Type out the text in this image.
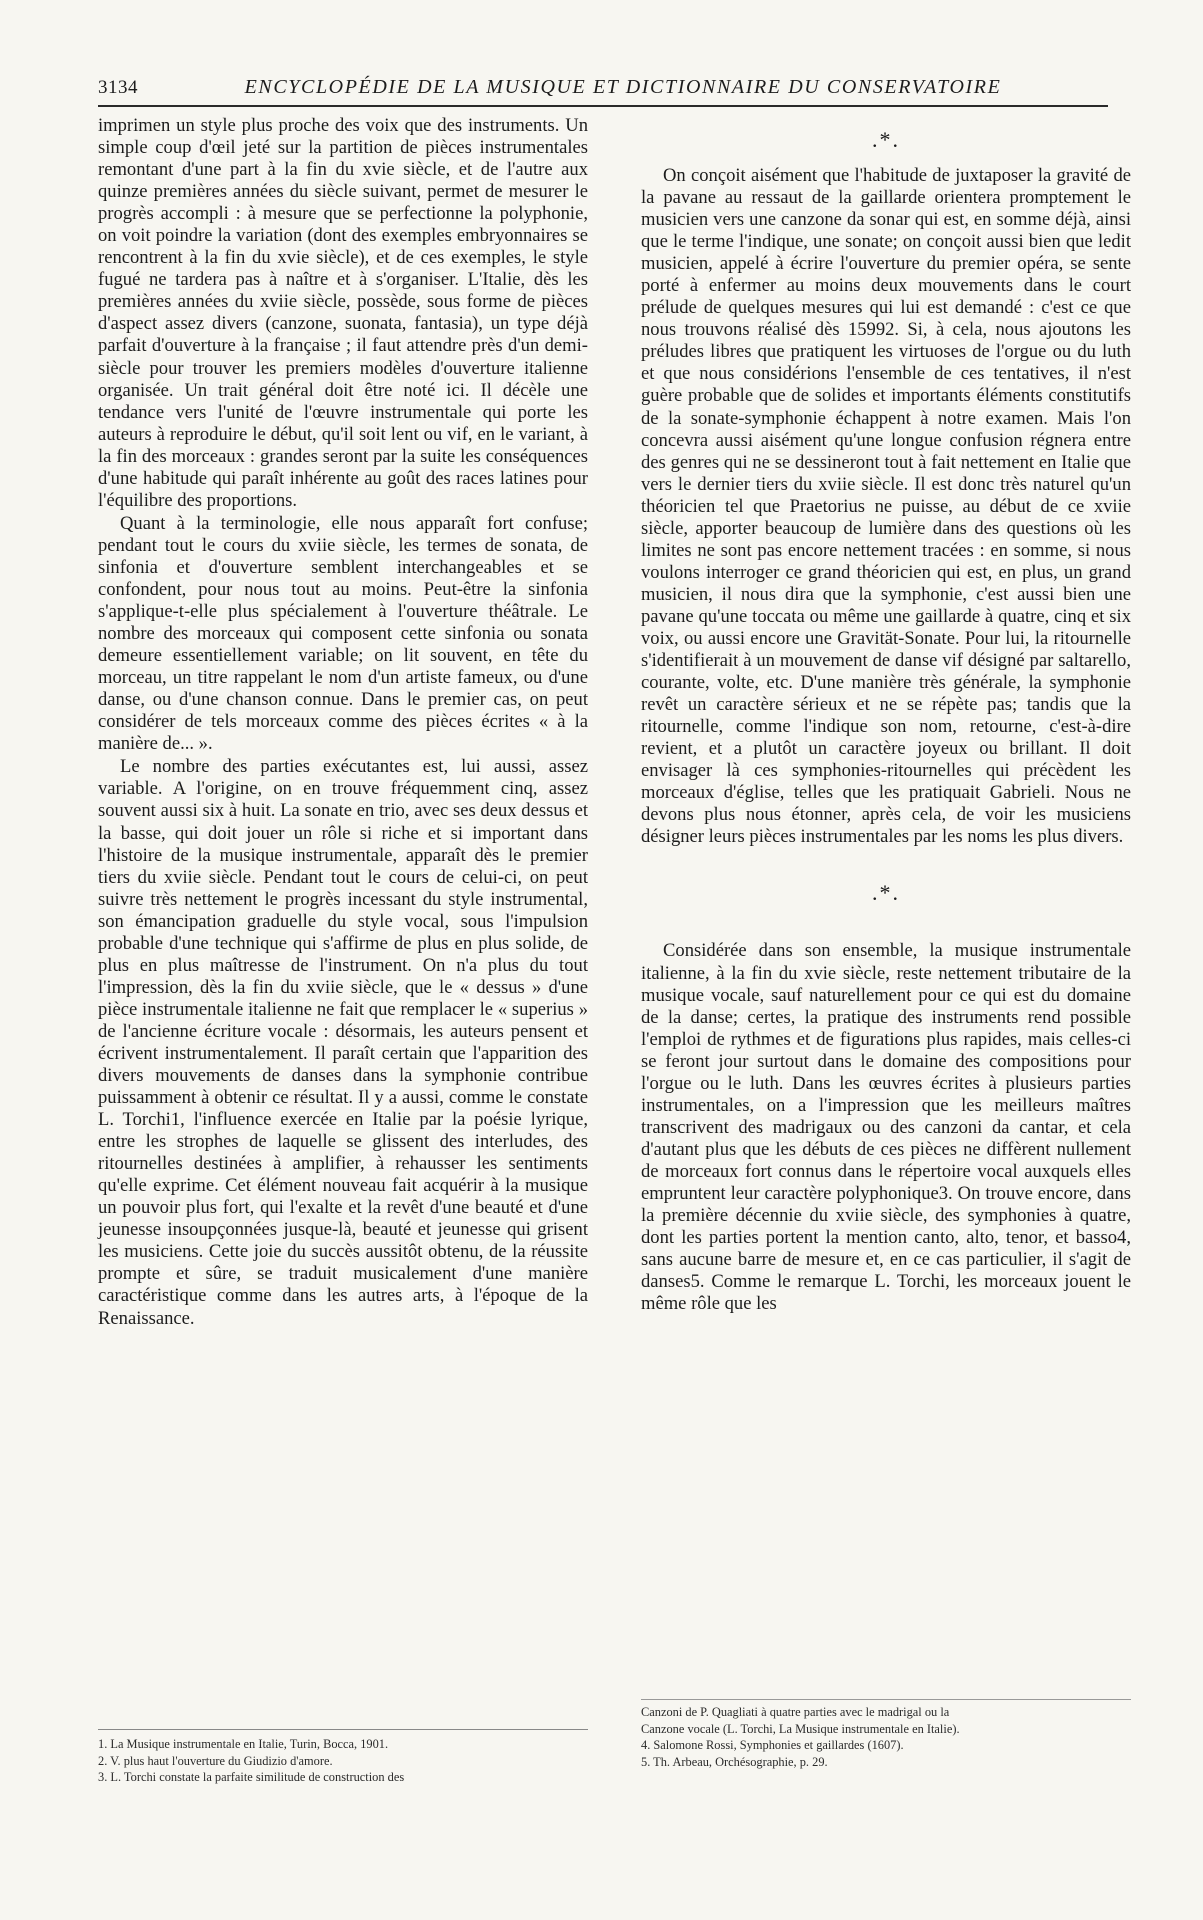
3134	ENCYCLOPÉDIE DE LA MUSIQUE ET DICTIONNAIRE DU CONSERVATOIRE

imprimen un style plus proche des voix que des instruments. Un simple coup d'œil jeté sur la partition de pièces instrumentales remontant d'une part à la fin du xvie siècle, et de l'autre aux quinze premières années du siècle suivant, permet de mesurer le progrès accompli : à mesure que se perfectionne la polyphonie, on voit poindre la variation (dont des exemples embryonnaires se rencontrent à la fin du xvie siècle), et de ces exemples, le style fugué ne tardera pas à naître et à s'organiser. L'Italie, dès les premières années du xviie siècle, possède, sous forme de pièces d'aspect assez divers (canzone, suonata, fantasia), un type déjà parfait d'ouverture à la française ; il faut attendre près d'un demi-siècle pour trouver les premiers modèles d'ouverture italienne organisée. Un trait général doit être noté ici. Il décèle une tendance vers l'unité de l'œuvre instrumentale qui porte les auteurs à reproduire le début, qu'il soit lent ou vif, en le variant, à la fin des morceaux : grandes seront par la suite les conséquences d'une habitude qui paraît inhérente au goût des races latines pour l'équilibre des proportions.

Quant à la terminologie, elle nous apparaît fort confuse; pendant tout le cours du xviie siècle, les termes de sonata, de sinfonia et d'ouverture semblent interchangeables et se confondent, pour nous tout au moins. Peut-être la sinfonia s'applique-t-elle plus spécialement à l'ouverture théâtrale. Le nombre des morceaux qui composent cette sinfonia ou sonata demeure essentiellement variable; on lit souvent, en tête du morceau, un titre rappelant le nom d'un artiste fameux, ou d'une danse, ou d'une chanson connue. Dans le premier cas, on peut considérer de tels morceaux comme des pièces écrites « à la manière de... ».

Le nombre des parties exécutantes est, lui aussi, assez variable. A l'origine, on en trouve fréquemment cinq, assez souvent aussi six à huit. La sonate en trio, avec ses deux dessus et la basse, qui doit jouer un rôle si riche et si important dans l'histoire de la musique instrumentale, apparaît dès le premier tiers du xviie siècle. Pendant tout le cours de celui-ci, on peut suivre très nettement le progrès incessant du style instrumental, son émancipation graduelle du style vocal, sous l'impulsion probable d'une technique qui s'affirme de plus en plus solide, de plus en plus maîtresse de l'instrument. On n'a plus du tout l'impression, dès la fin du xviie siècle, que le « dessus » d'une pièce instrumentale italienne ne fait que remplacer le « superius » de l'ancienne écriture vocale : désormais, les auteurs pensent et écrivent instrumentalement. Il paraît certain que l'apparition des divers mouvements de danses dans la symphonie contribue puissamment à obtenir ce résultat. Il y a aussi, comme le constate L. Torchi1, l'influence exercée en Italie par la poésie lyrique, entre les strophes de laquelle se glissent des interludes, des ritournelles destinées à amplifier, à rehausser les sentiments qu'elle exprime. Cet élément nouveau fait acquérir à la musique un pouvoir plus fort, qui l'exalte et la revêt d'une beauté et d'une jeunesse insoupçonnées jusque-là, beauté et jeunesse qui grisent les musiciens. Cette joie du succès aussitôt obtenu, de la réussite prompte et sûre, se traduit musicalement d'une manière caractéristique comme dans les autres arts, à l'époque de la Renaissance.

.*.

On conçoit aisément que l'habitude de juxtaposer la gravité de la pavane au ressaut de la gaillarde orientera promptement le musicien vers une canzone da sonar qui est, en somme déjà, ainsi que le terme l'indique, une sonate; on conçoit aussi bien que ledit musicien, appelé à écrire l'ouverture du premier opéra, se sente porté à enfermer au moins deux mouvements dans le court prélude de quelques mesures qui lui est demandé : c'est ce que nous trouvons réalisé dès 15992. Si, à cela, nous ajoutons les préludes libres que pratiquent les virtuoses de l'orgue ou du luth et que nous considérions l'ensemble de ces tentatives, il n'est guère probable que de solides et importants éléments constitutifs de la sonate-symphonie échappent à notre examen. Mais l'on concevra aussi aisément qu'une longue confusion régnera entre des genres qui ne se dessineront tout à fait nettement en Italie que vers le dernier tiers du xviie siècle. Il est donc très naturel qu'un théoricien tel que Praetorius ne puisse, au début de ce xviie siècle, apporter beaucoup de lumière dans des questions où les limites ne sont pas encore nettement tracées : en somme, si nous voulons interroger ce grand théoricien qui est, en plus, un grand musicien, il nous dira que la symphonie, c'est aussi bien une pavane qu'une toccata ou même une gaillarde à quatre, cinq et six voix, ou aussi encore une Gravität-Sonate. Pour lui, la ritournelle s'identifierait à un mouvement de danse vif désigné par saltarello, courante, volte, etc. D'une manière très générale, la symphonie revêt un caractère sérieux et ne se répète pas; tandis que la ritournelle, comme l'indique son nom, retourne, c'est-à-dire revient, et a plutôt un caractère joyeux ou brillant. Il doit envisager là ces symphonies-ritournelles qui précèdent les morceaux d'église, telles que les pratiquait Gabrieli. Nous ne devons plus nous étonner, après cela, de voir les musiciens désigner leurs pièces instrumentales par les noms les plus divers.

.*.

Considérée dans son ensemble, la musique instrumentale italienne, à la fin du xvie siècle, reste nettement tributaire de la musique vocale, sauf naturellement pour ce qui est du domaine de la danse; certes, la pratique des instruments rend possible l'emploi de rythmes et de figurations plus rapides, mais celles-ci se feront jour surtout dans le domaine des compositions pour l'orgue ou le luth. Dans les œuvres écrites à plusieurs parties instrumentales, on a l'impression que les meilleurs maîtres transcrivent des madrigaux ou des canzoni da cantar, et cela d'autant plus que les débuts de ces pièces ne diffèrent nullement de morceaux fort connus dans le répertoire vocal auxquels elles empruntent leur caractère polyphonique3. On trouve encore, dans la première décennie du xviie siècle, des symphonies à quatre, dont les parties portent la mention canto, alto, tenor, et basso4, sans aucune barre de mesure et, en ce cas particulier, il s'agit de danses5. Comme le remarque L. Torchi, les morceaux jouent le même rôle que les

1. La Musique instrumentale en Italie, Turin, Bocca, 1901.
2. V. plus haut l'ouverture du Giudizio d'amore.
3. L. Torchi constate la parfaite similitude de construction des
Canzoni de P. Quagliati à quatre parties avec le madrigal ou la
Canzone vocale (L. Torchi, La Musique instrumentale en Italie).
4. Salomone Rossi, Symphonies et gaillardes (1607).
5. Th. Arbeau, Orchésographie, p. 29.
